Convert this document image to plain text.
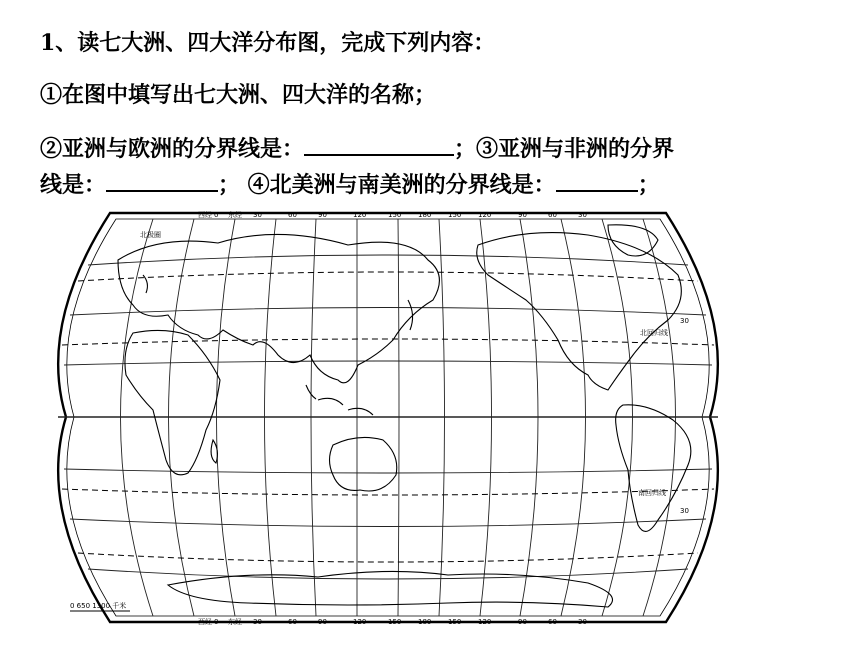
1、读七大洲、四大洋分布图，完成下列内容：
①在图中填写出七大洲、四大洋的名称；
②亚洲与欧洲的分界线是：	；③亚洲与非洲的分界
线是：	； ④北美洲与南美洲的分界线是：	；
西经 0 东经 30	60	90	120	150 180 150 120	90	60	30
西经 0 东经 30	60	90	120	150 180 150 120	90	60	30
北极圈
北回归线
南回归线
30
30
0 650 1300 千米
